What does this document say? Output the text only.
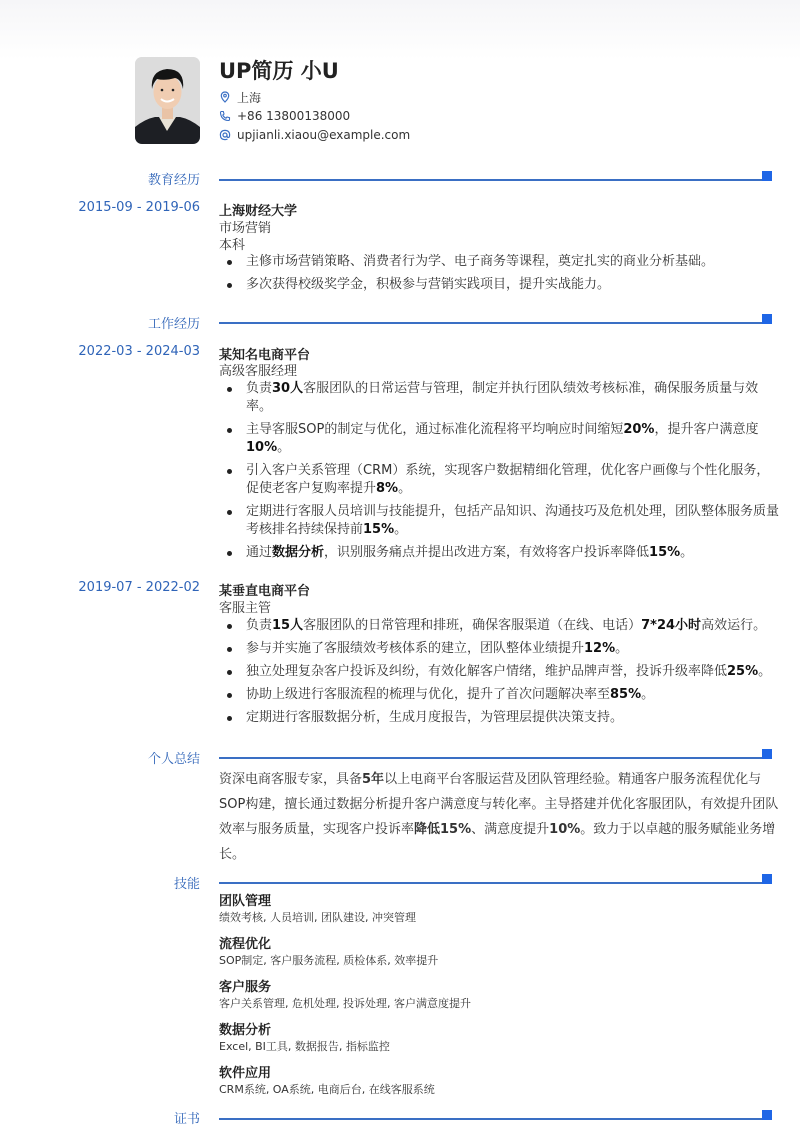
UP简历 小U
上海
+86 13800138000
upjianli.xiaou@example.com
教育经历
2015-09 - 2019-06 上海财经大学
市场营销
本科
主修市场营销策略、消费者行为学、电子商务等课程，奠定扎实的商业分析基础。
多次获得校级奖学金，积极参与营销实践项目，提升实战能力。
工作经历
2022-03 - 2024-03 某知名电商平台
高级客服经理
负责30人客服团队的日常运营与管理，制定并执行团队绩效考核标准，确保服务质量与效率。
主导客服SOP的制定与优化，通过标准化流程将平均响应时间缩短20%，提升客户满意度10%。
引入客户关系管理（CRM）系统，实现客户数据精细化管理，优化客户画像与个性化服务，促使老客户复购率提升8%。
定期进行客服人员培训与技能提升，包括产品知识、沟通技巧及危机处理，团队整体服务质量考核排名持续保持前15%。
通过数据分析，识别服务痛点并提出改进方案，有效将客户投诉率降低15%。
2019-07 - 2022-02 某垂直电商平台
客服主管
负责15人客服团队的日常管理和排班，确保客服渠道（在线、电话）7*24小时高效运行。
参与并实施了客服绩效考核体系的建立，团队整体业绩提升12%。
独立处理复杂客户投诉及纠纷，有效化解客户情绪，维护品牌声誉，投诉升级率降低25%。
协助上级进行客服流程的梳理与优化，提升了首次问题解决率至85%。
定期进行客服数据分析，生成月度报告，为管理层提供决策支持。
个人总结
资深电商客服专家，具备5年以上电商平台客服运营及团队管理经验。精通客户服务流程优化与SOP构建，擅长通过数据分析提升客户满意度与转化率。主导搭建并优化客服团队，有效提升团队效率与服务质量，实现客户投诉率降低15%、满意度提升10%。致力于以卓越的服务赋能业务增长。
技能
团队管理
绩效考核, 人员培训, 团队建设, 冲突管理
流程优化
SOP制定, 客户服务流程, 质检体系, 效率提升
客户服务
客户关系管理, 危机处理, 投诉处理, 客户满意度提升
数据分析
Excel, BI工具, 数据报告, 指标监控
软件应用
CRM系统, OA系统, 电商后台, 在线客服系统
证书
